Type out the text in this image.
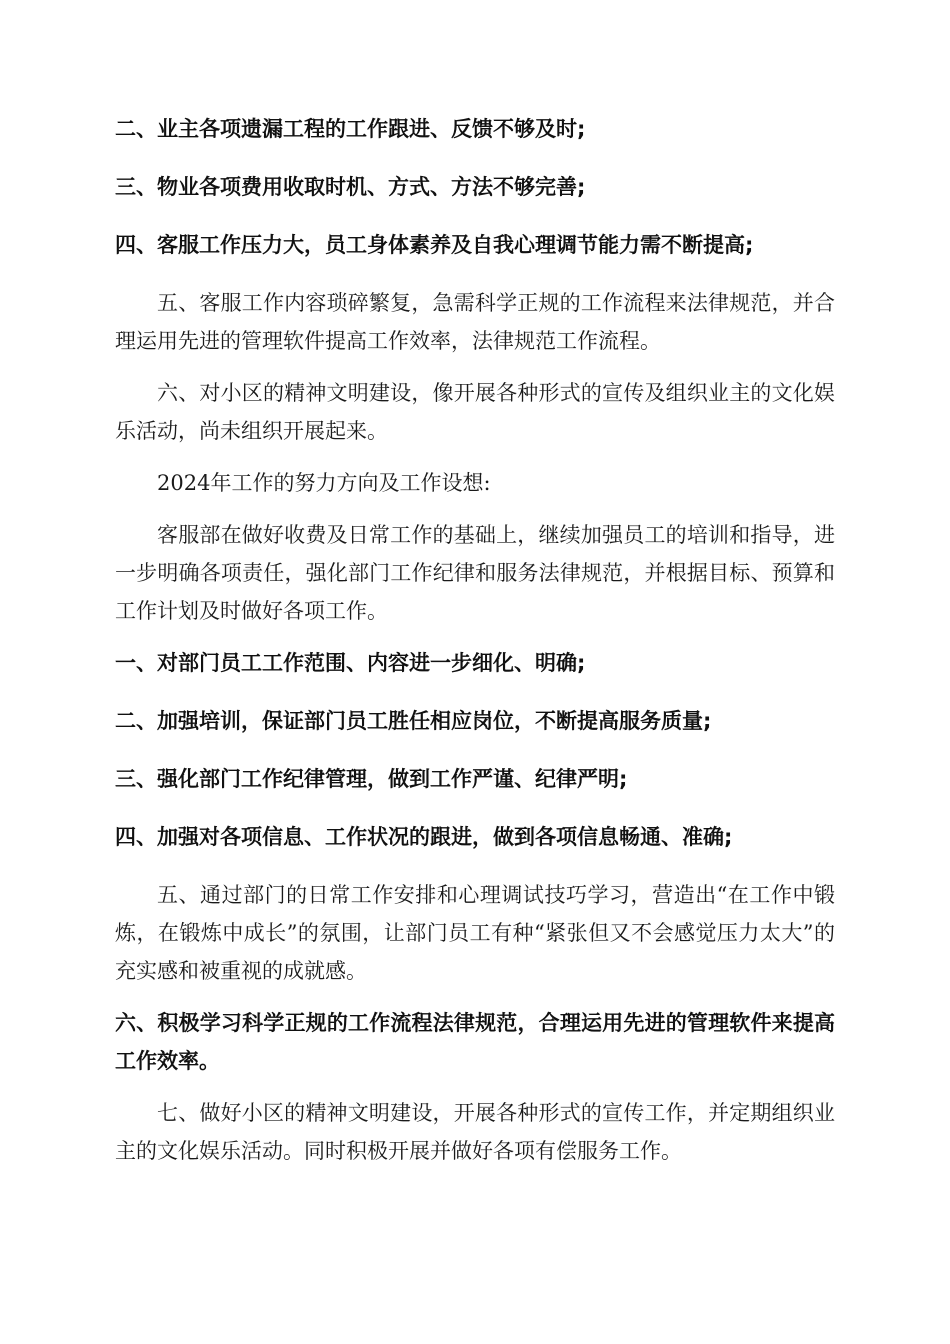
二、业主各项遗漏工程的工作跟进、反馈不够及时;

三、物业各项费用收取时机、方式、方法不够完善;

四、客服工作压力大，员工身体素养及自我心理调节能力需不断提高;

五、客服工作内容琐碎繁复，急需科学正规的工作流程来法律规范，并合理运用先进的管理软件提高工作效率，法律规范工作流程。

六、对小区的精神文明建设，像开展各种形式的宣传及组织业主的文化娱乐活动，尚未组织开展起来。

2024年工作的努力方向及工作设想:

客服部在做好收费及日常工作的基础上，继续加强员工的培训和指导，进一步明确各项责任，强化部门工作纪律和服务法律规范，并根据目标、预算和工作计划及时做好各项工作。

一、对部门员工工作范围、内容进一步细化、明确;

二、加强培训，保证部门员工胜任相应岗位，不断提高服务质量;

三、强化部门工作纪律管理，做到工作严谨、纪律严明;

四、加强对各项信息、工作状况的跟进，做到各项信息畅通、准确;

五、通过部门的日常工作安排和心理调试技巧学习，营造出“在工作中锻炼，在锻炼中成长”的氛围，让部门员工有种“紧张但又不会感觉压力太大”的充实感和被重视的成就感。

六、积极学习科学正规的工作流程法律规范，合理运用先进的管理软件来提高工作效率。

七、做好小区的精神文明建设，开展各种形式的宣传工作，并定期组织业主的文化娱乐活动。同时积极开展并做好各项有偿服务工作。
